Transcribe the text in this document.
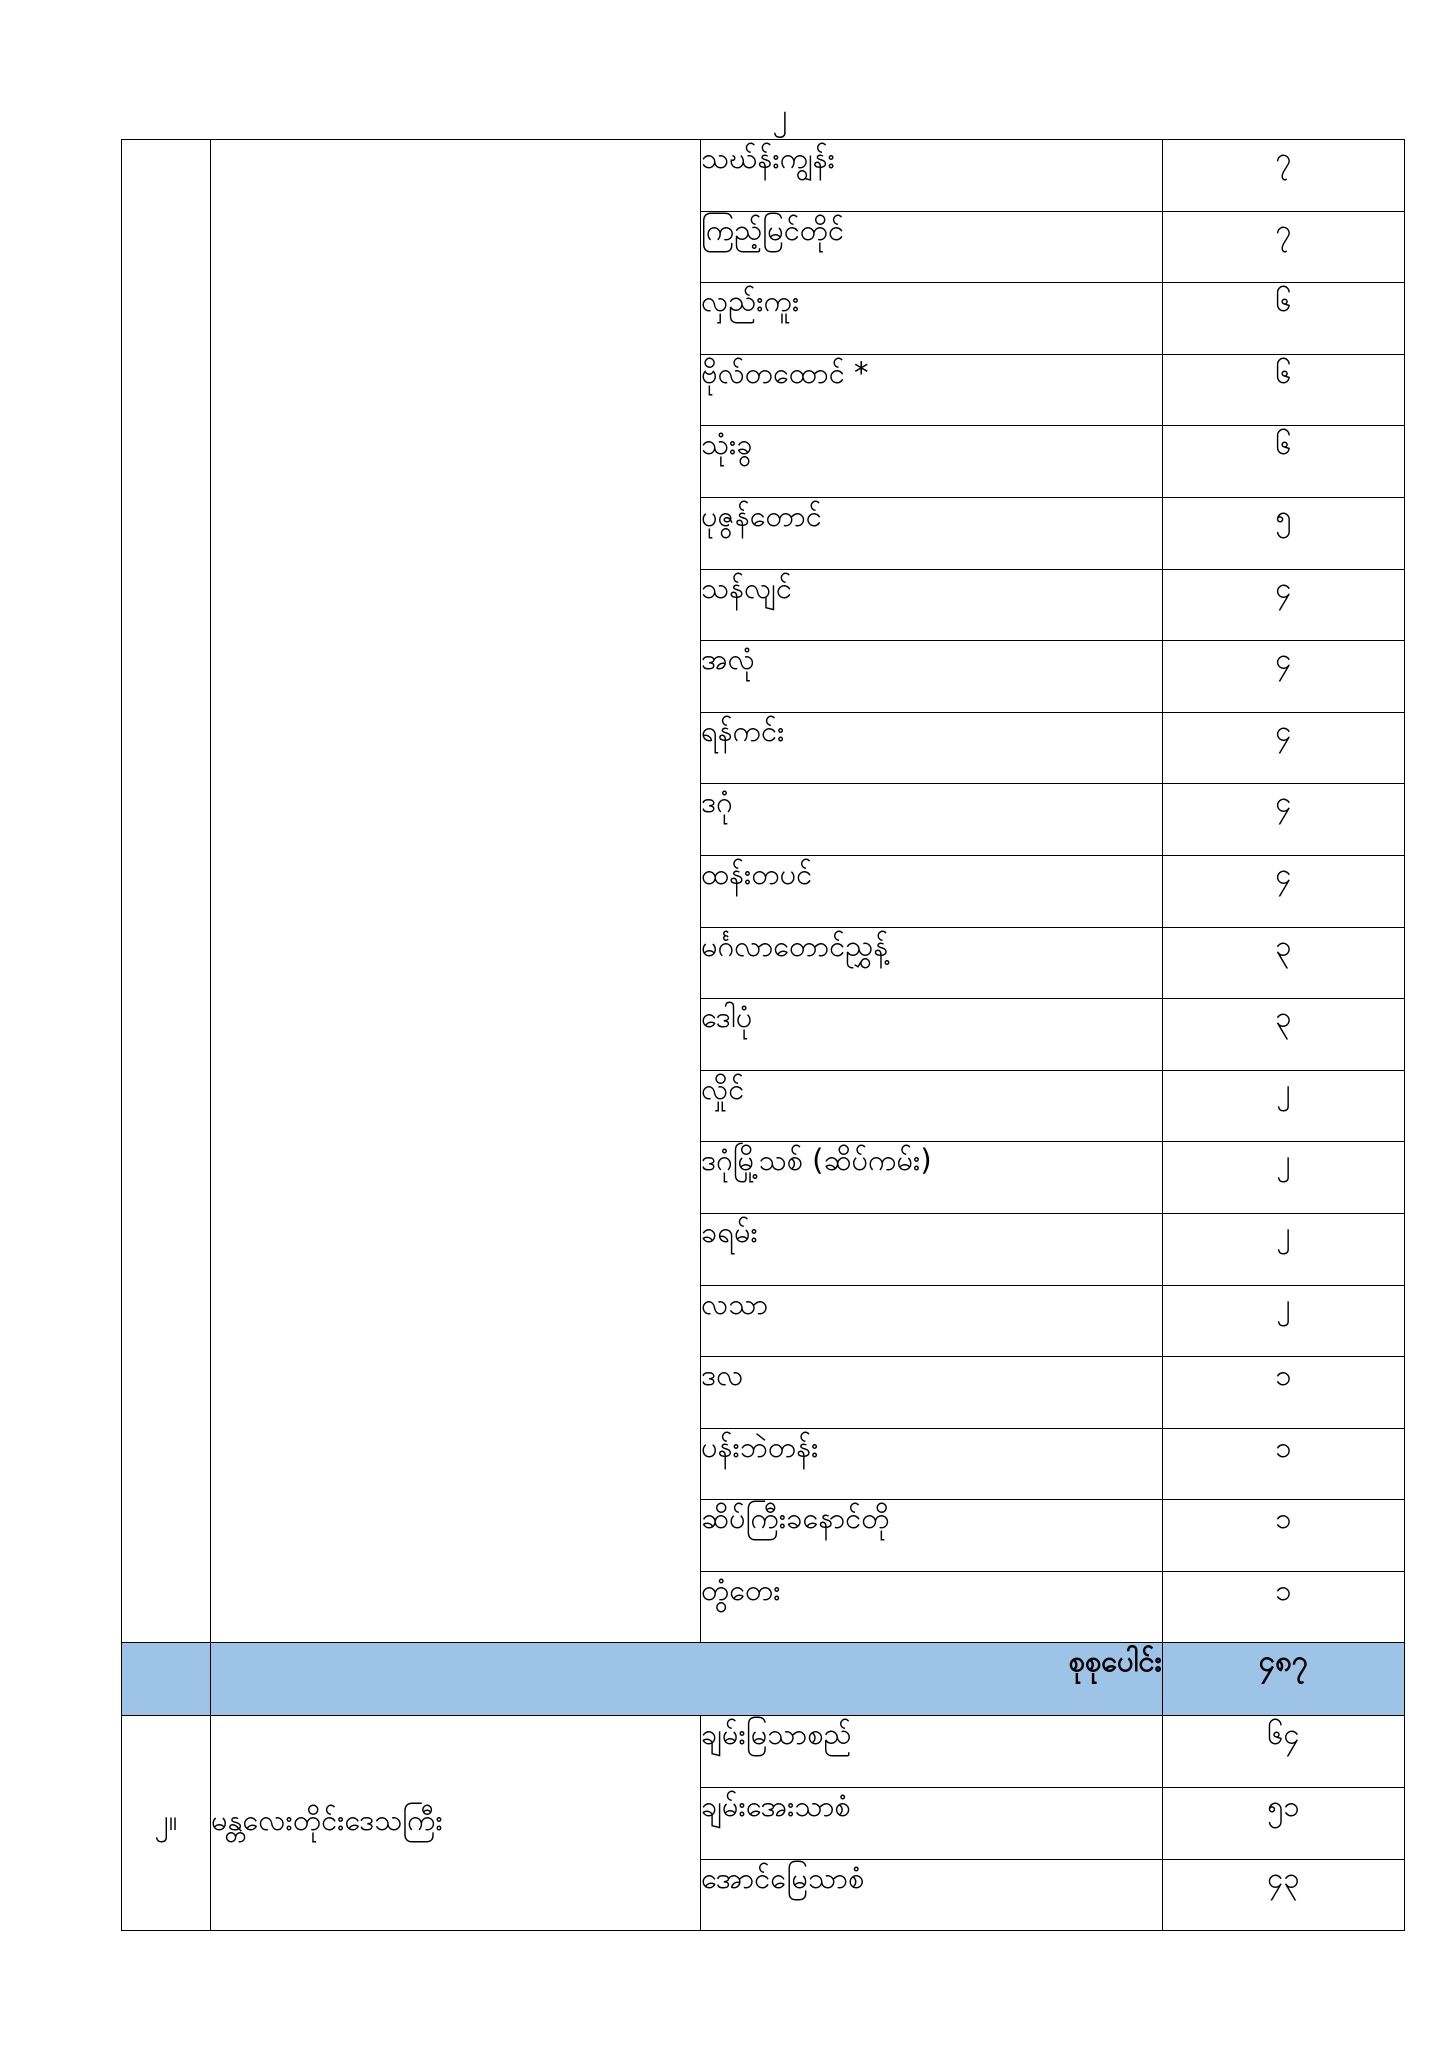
၂
		သဃ်န်းကျွန်း	၇
		ကြည့်မြင်တိုင်	၇
		လှည်းကူး	၆
		ဗိုလ်တထောင် *	၆
		သုံးခွ	၆
		ပုဇွန်တောင်	၅
		သန်လျင်	၄
		အလုံ	၄
		ရန်ကင်း	၄
		ဒဂုံ	၄
		ထန်းတပင်	၄
		မင်္ဂလာတောင်ညွှန့်	၃
		ဒေါပုံ	၃
		လှိုင်	၂
		ဒဂုံမြို့သစ် (ဆိပ်ကမ်း)	၂
		ခရမ်း	၂
		လသာ	၂
		ဒလ	၁
		ပန်းဘဲတန်း	၁
		ဆိပ်ကြီးခနောင်တို	၁
		တွံတေး	၁
	စုစုပေါင်း		၄၈၇
၂။	မန္တလေးတိုင်းဒေသကြီး	ချမ်းမြသာစည်	၆၄
		ချမ်းအေးသာစံ	၅၁
		အောင်မြေသာစံ	၄၃
